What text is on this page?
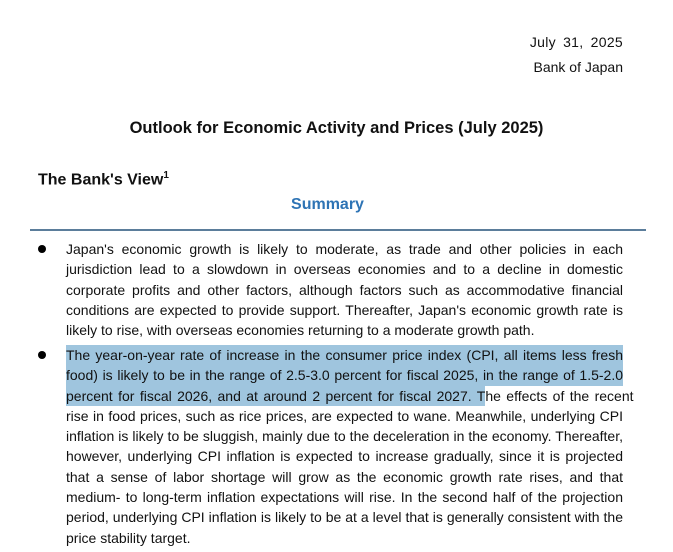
July 31, 2025
Bank of Japan
Outlook for Economic Activity and Prices (July 2025)
The Bank's View$^1$
Summary
Japan's economic growth is likely to moderate, as trade and other policies in each
jurisdiction lead to a slowdown in overseas economies and to a decline in domestic
corporate profits and other factors, although factors such as accommodative financial
conditions are expected to provide support. Thereafter, Japan's economic growth rate is
likely to rise, with overseas economies returning to a moderate growth path.
The year-on-year rate of increase in the consumer price index (CPI, all items less fresh
food) is likely to be in the range of 2.5-3.0 percent for fiscal 2025, in the range of 1.5-2.0
percent for fiscal 2026, and at around 2 percent for fiscal 2027. T he effects of the recent
rise in food prices, such as rice prices, are expected to wane. Meanwhile, underlying CPI
inflation is likely to be sluggish, mainly due to the deceleration in the economy. Thereafter,
however, underlying CPI inflation is expected to increase gradually, since it is projected
that a sense of labor shortage will grow as the economic growth rate rises, and that
medium- to long-term inflation expectations will rise. In the second half of the projection
period, underlying CPI inflation is likely to be at a level that is generally consistent with the
price stability target.
